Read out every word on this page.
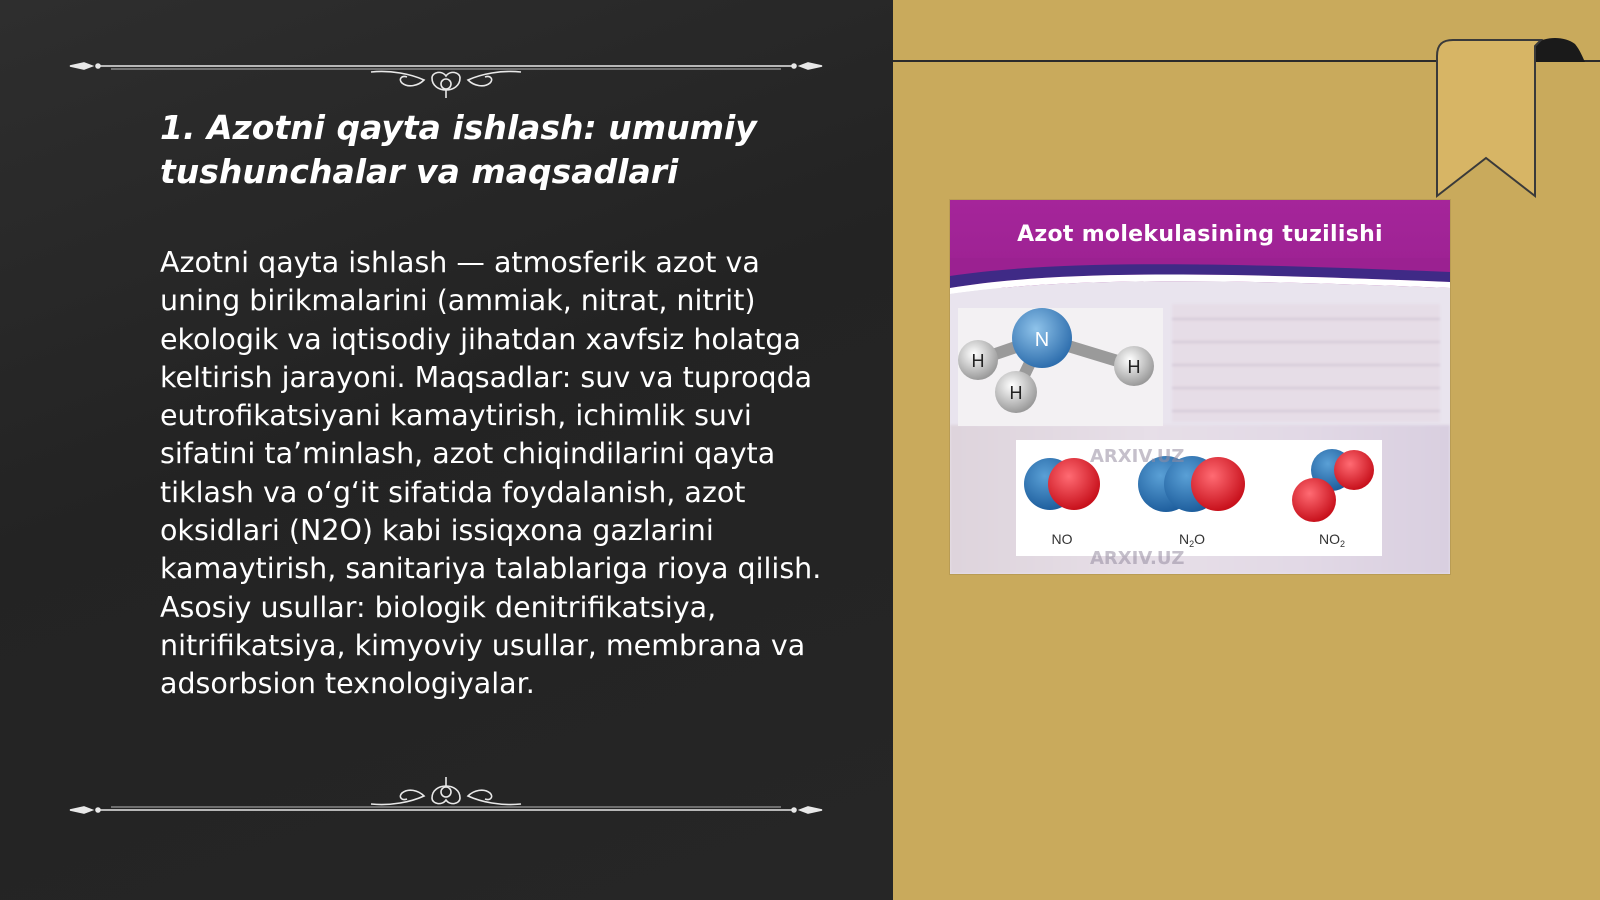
1. Azotni qayta ishlash: umumiy tushunchalar va maqsadlari

Azotni qayta ishlash — atmosferik azot va uning birikmalarini (ammiak, nitrat, nitrit) ekologik va iqtisodiy jihatdan xavfsiz holatga keltirish jarayoni. Maqsadlar: suv va tuproqda eutrofikatsiyani kamaytirish, ichimlik suvi sifatini taʼminlash, azot chiqindilarini qayta tiklash va oʻgʻit sifatida foydalanish, azot oksidlari (N2O) kabi issiqxona gazlarini kamaytirish, sanitariya talablariga rioya qilish. Asosiy usullar: biologik denitrifikatsiya, nitrifikatsiya, kimyoviy usullar, membrana va adsorbsion texnologiyalar.

Azot molekulasining tuzilishi
N
H
H
H
NO	$N_2O$	$NO_2$
ARXIV.UZ
ARXIV.UZ
